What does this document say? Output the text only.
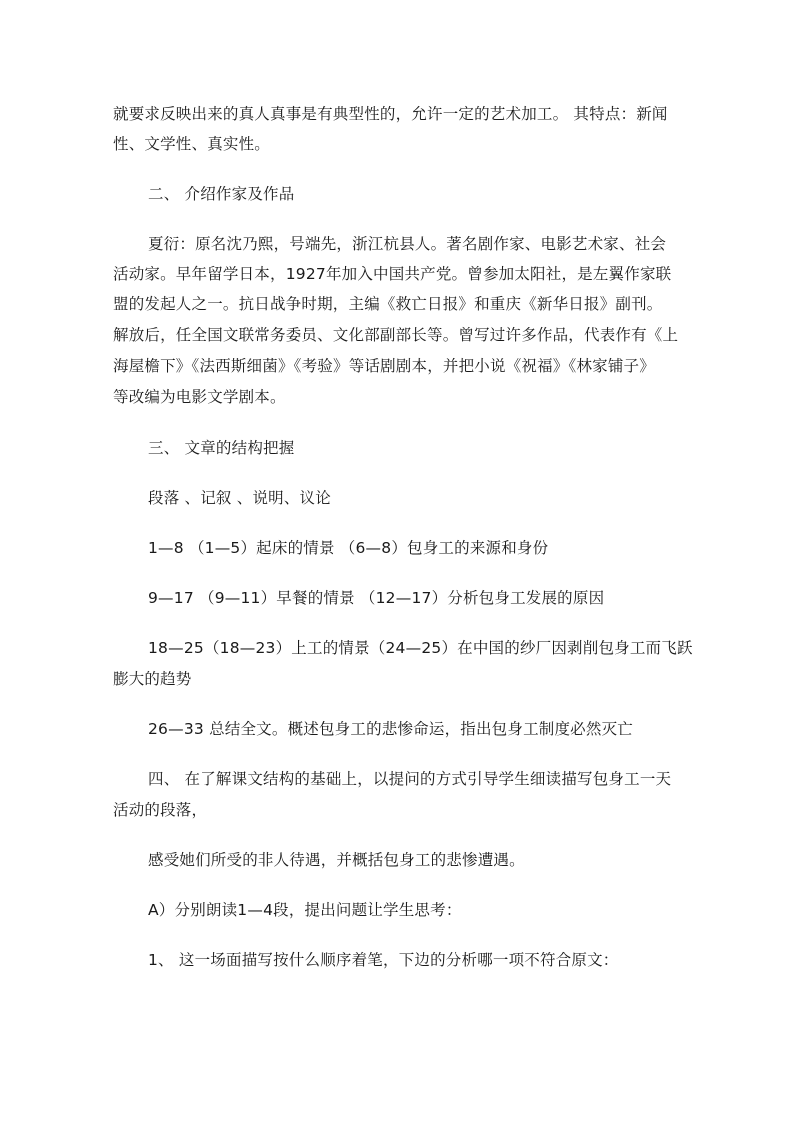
就要求反映出来的真人真事是有典型性的，允许一定的艺术加工。 其特点：新闻
性、文学性、真实性。
二、 介绍作家及作品
夏衍：原名沈乃熙，号端先，浙江杭县人。著名剧作家、电影艺术家、社会
活动家。早年留学日本，1927年加入中国共产党。曾参加太阳社，是左翼作家联
盟的发起人之一。抗日战争时期，主编《救亡日报》和重庆《新华日报》副刊。
解放后，任全国文联常务委员、文化部副部长等。曾写过许多作品，代表作有《上
海屋檐下》《法西斯细菌》《考验》等话剧剧本，并把小说《祝福》《林家铺子》
等改编为电影文学剧本。
三、 文章的结构把握
段落 、记叙 、说明、议论
1—8 （1—5）起床的情景 （6—8）包身工的来源和身份
9—17 （9—11）早餐的情景 （12—17）分析包身工发展的原因
18—25（18—23）上工的情景（24—25）在中国的纱厂因剥削包身工而飞跃
膨大的趋势
26—33 总结全文。概述包身工的悲惨命运，指出包身工制度必然灭亡
四、 在了解课文结构的基础上，以提问的方式引导学生细读描写包身工一天
活动的段落，
感受她们所受的非人待遇，并概括包身工的悲惨遭遇。
A）分别朗读1—4段，提出问题让学生思考：
1、 这一场面描写按什么顺序着笔，下边的分析哪一项不符合原文：
